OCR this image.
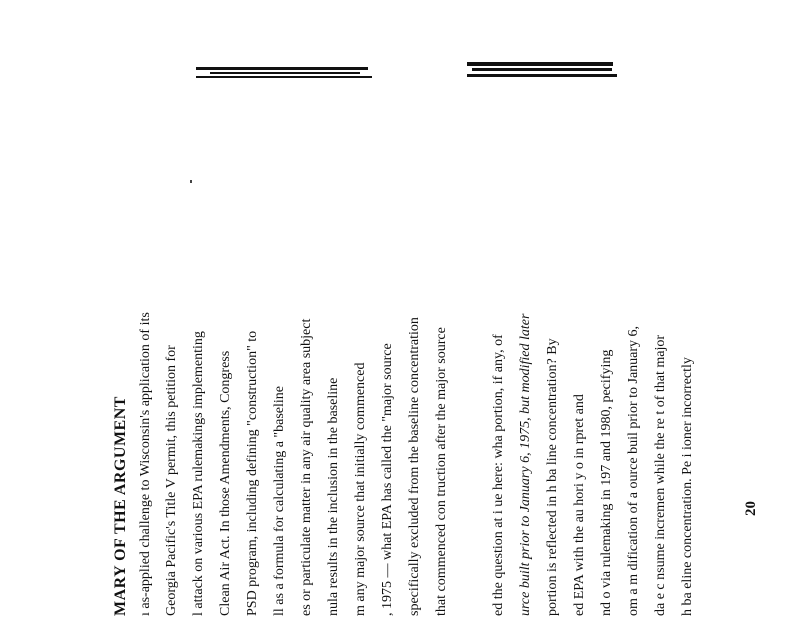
MARY OF THE ARGUMENT ı as-applied challenge to Wisconsin's application of its Georgia Pacific's Title V permit, this petition for l attack on various EPA rulemakings implementing Clean Air Act. In those Amendments, Congress PSD program, including defining "construction" to ll as a formula for calculating a "baseline es or particulate matter in any air quality area subject nula results in the inclusion in the baseline m any major source that initially commenced , 1975 — what EPA has called the "major source specifically excluded from the baseline concentration that commenced con truction after the major source	ed the question at i ue here: wha portion, if any, of urce built prior to January 6, 1975, but modified later portion is reflected in h ba line concentration? By ed EPA with the au hori y o in rpret and nd o via rulemaking in 197 and 1980, pecifying om a m dification of a ource buil prior to January 6, da e c nsume incremen while the re t of that major h ba eline concentration. Pe i ioner incorrectly	20
